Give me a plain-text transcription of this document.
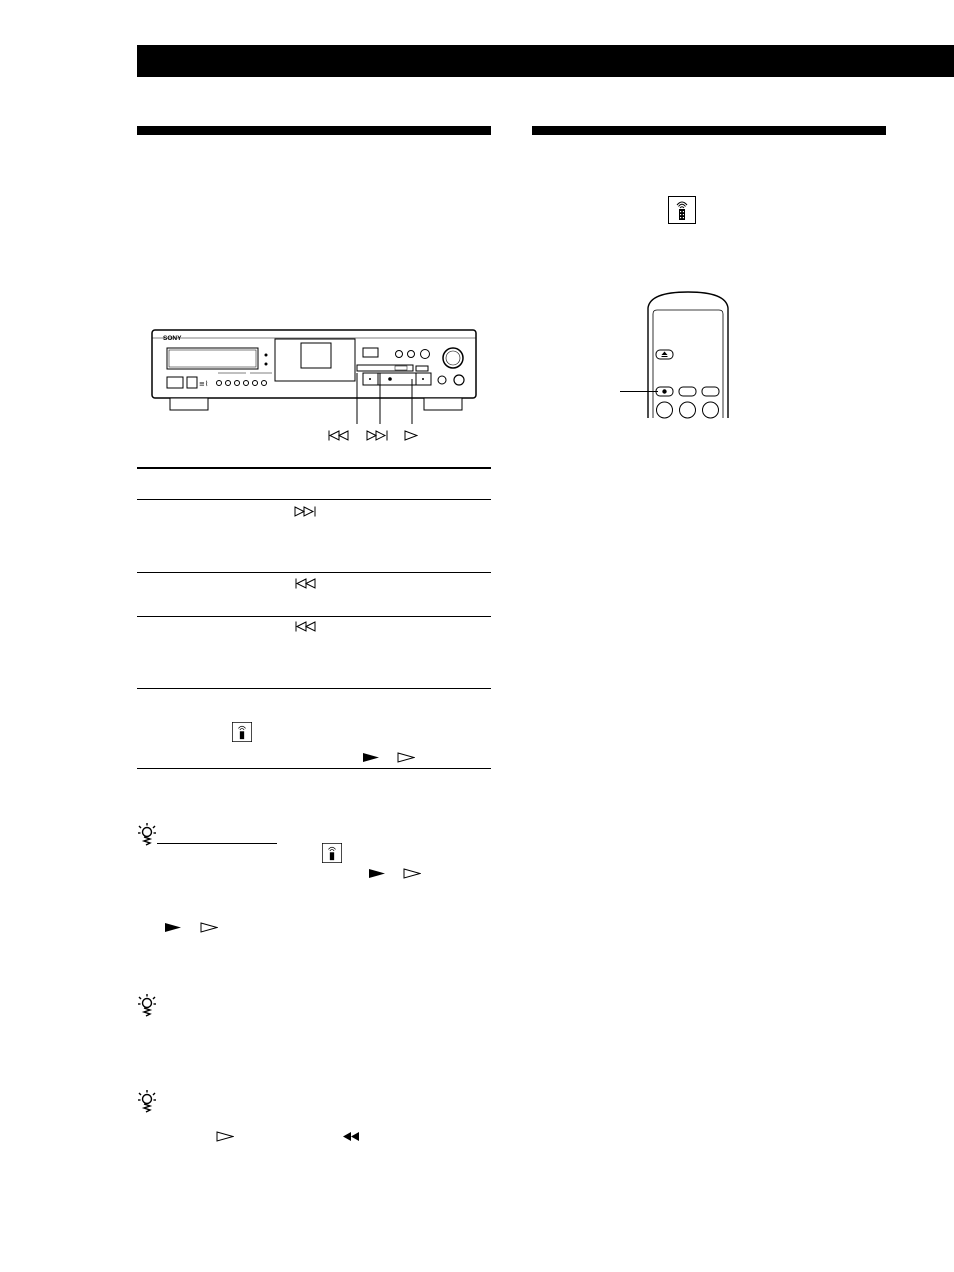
SONY
≡⌇
